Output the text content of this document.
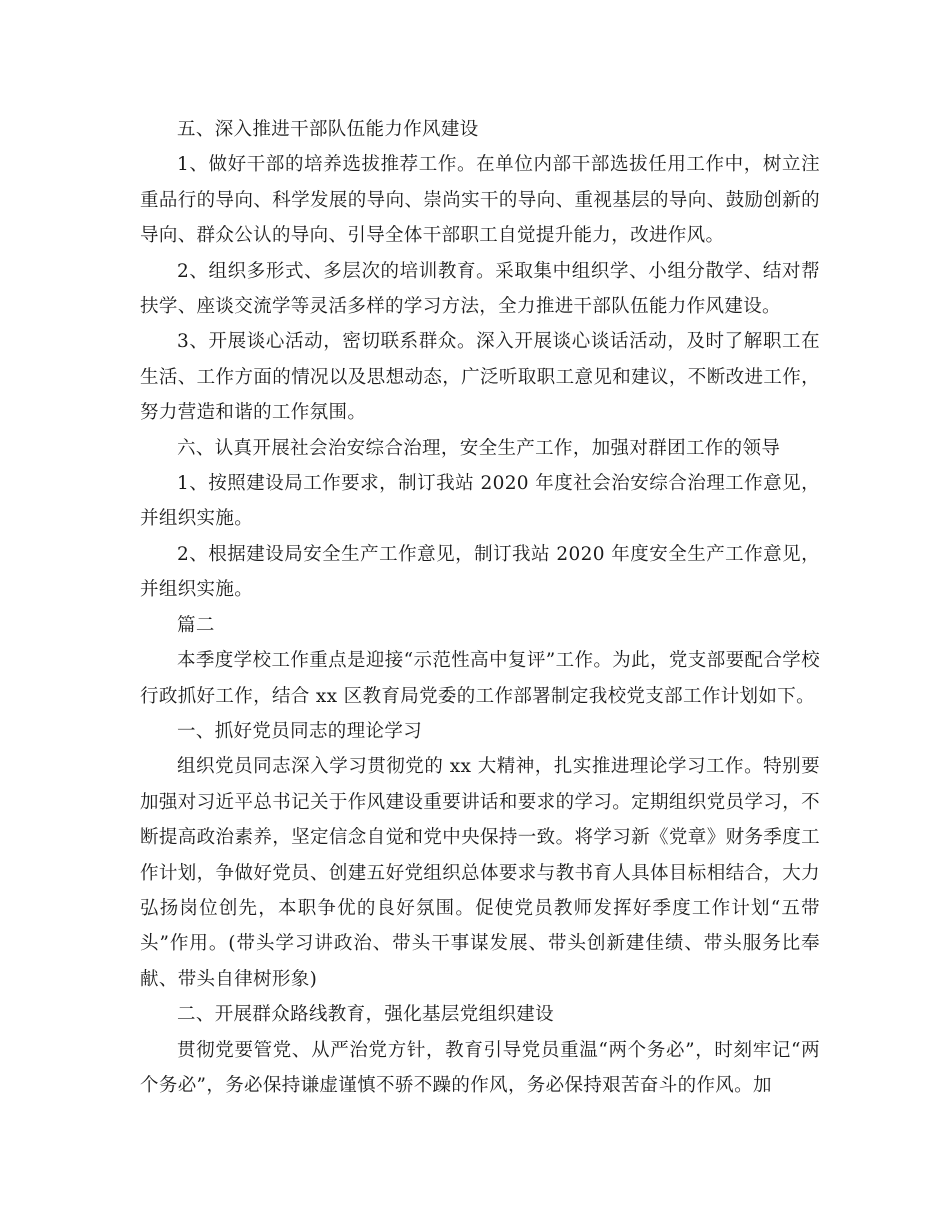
五、深入推进干部队伍能力作风建设

1、做好干部的培养选拔推荐工作。在单位内部干部选拔任用工作中，树立注重品行的导向、科学发展的导向、崇尚实干的导向、重视基层的导向、鼓励创新的导向、群众公认的导向、引导全体干部职工自觉提升能力，改进作风。

2、组织多形式、多层次的培训教育。采取集中组织学、小组分散学、结对帮扶学、座谈交流学等灵活多样的学习方法，全力推进干部队伍能力作风建设。

3、开展谈心活动，密切联系群众。深入开展谈心谈话活动，及时了解职工在生活、工作方面的情况以及思想动态，广泛听取职工意见和建议，不断改进工作，努力营造和谐的工作氛围。

六、认真开展社会治安综合治理，安全生产工作，加强对群团工作的领导

1、按照建设局工作要求，制订我站 2020 年度社会治安综合治理工作意见，并组织实施。

2、根据建设局安全生产工作意见，制订我站 2020 年度安全生产工作意见，并组织实施。

篇二

本季度学校工作重点是迎接“示范性高中复评”工作。为此，党支部要配合学校行政抓好工作，结合 xx 区教育局党委的工作部署制定我校党支部工作计划如下。

一、抓好党员同志的理论学习

组织党员同志深入学习贯彻党的 xx 大精神，扎实推进理论学习工作。特别要加强对习近平总书记关于作风建设重要讲话和要求的学习。定期组织党员学习，不断提高政治素养，坚定信念自觉和党中央保持一致。将学习新《党章》财务季度工作计划，争做好党员、创建五好党组织总体要求与教书育人具体目标相结合，大力弘扬岗位创先，本职争优的良好氛围。促使党员教师发挥好季度工作计划“五带头”作用。(带头学习讲政治、带头干事谋发展、带头创新建佳绩、带头服务比奉献、带头自律树形象)

二、开展群众路线教育，强化基层党组织建设

贯彻党要管党、从严治党方针，教育引导党员重温“两个务必”，时刻牢记“两个务必”，务必保持谦虚谨慎不骄不躁的作风，务必保持艰苦奋斗的作风。加
